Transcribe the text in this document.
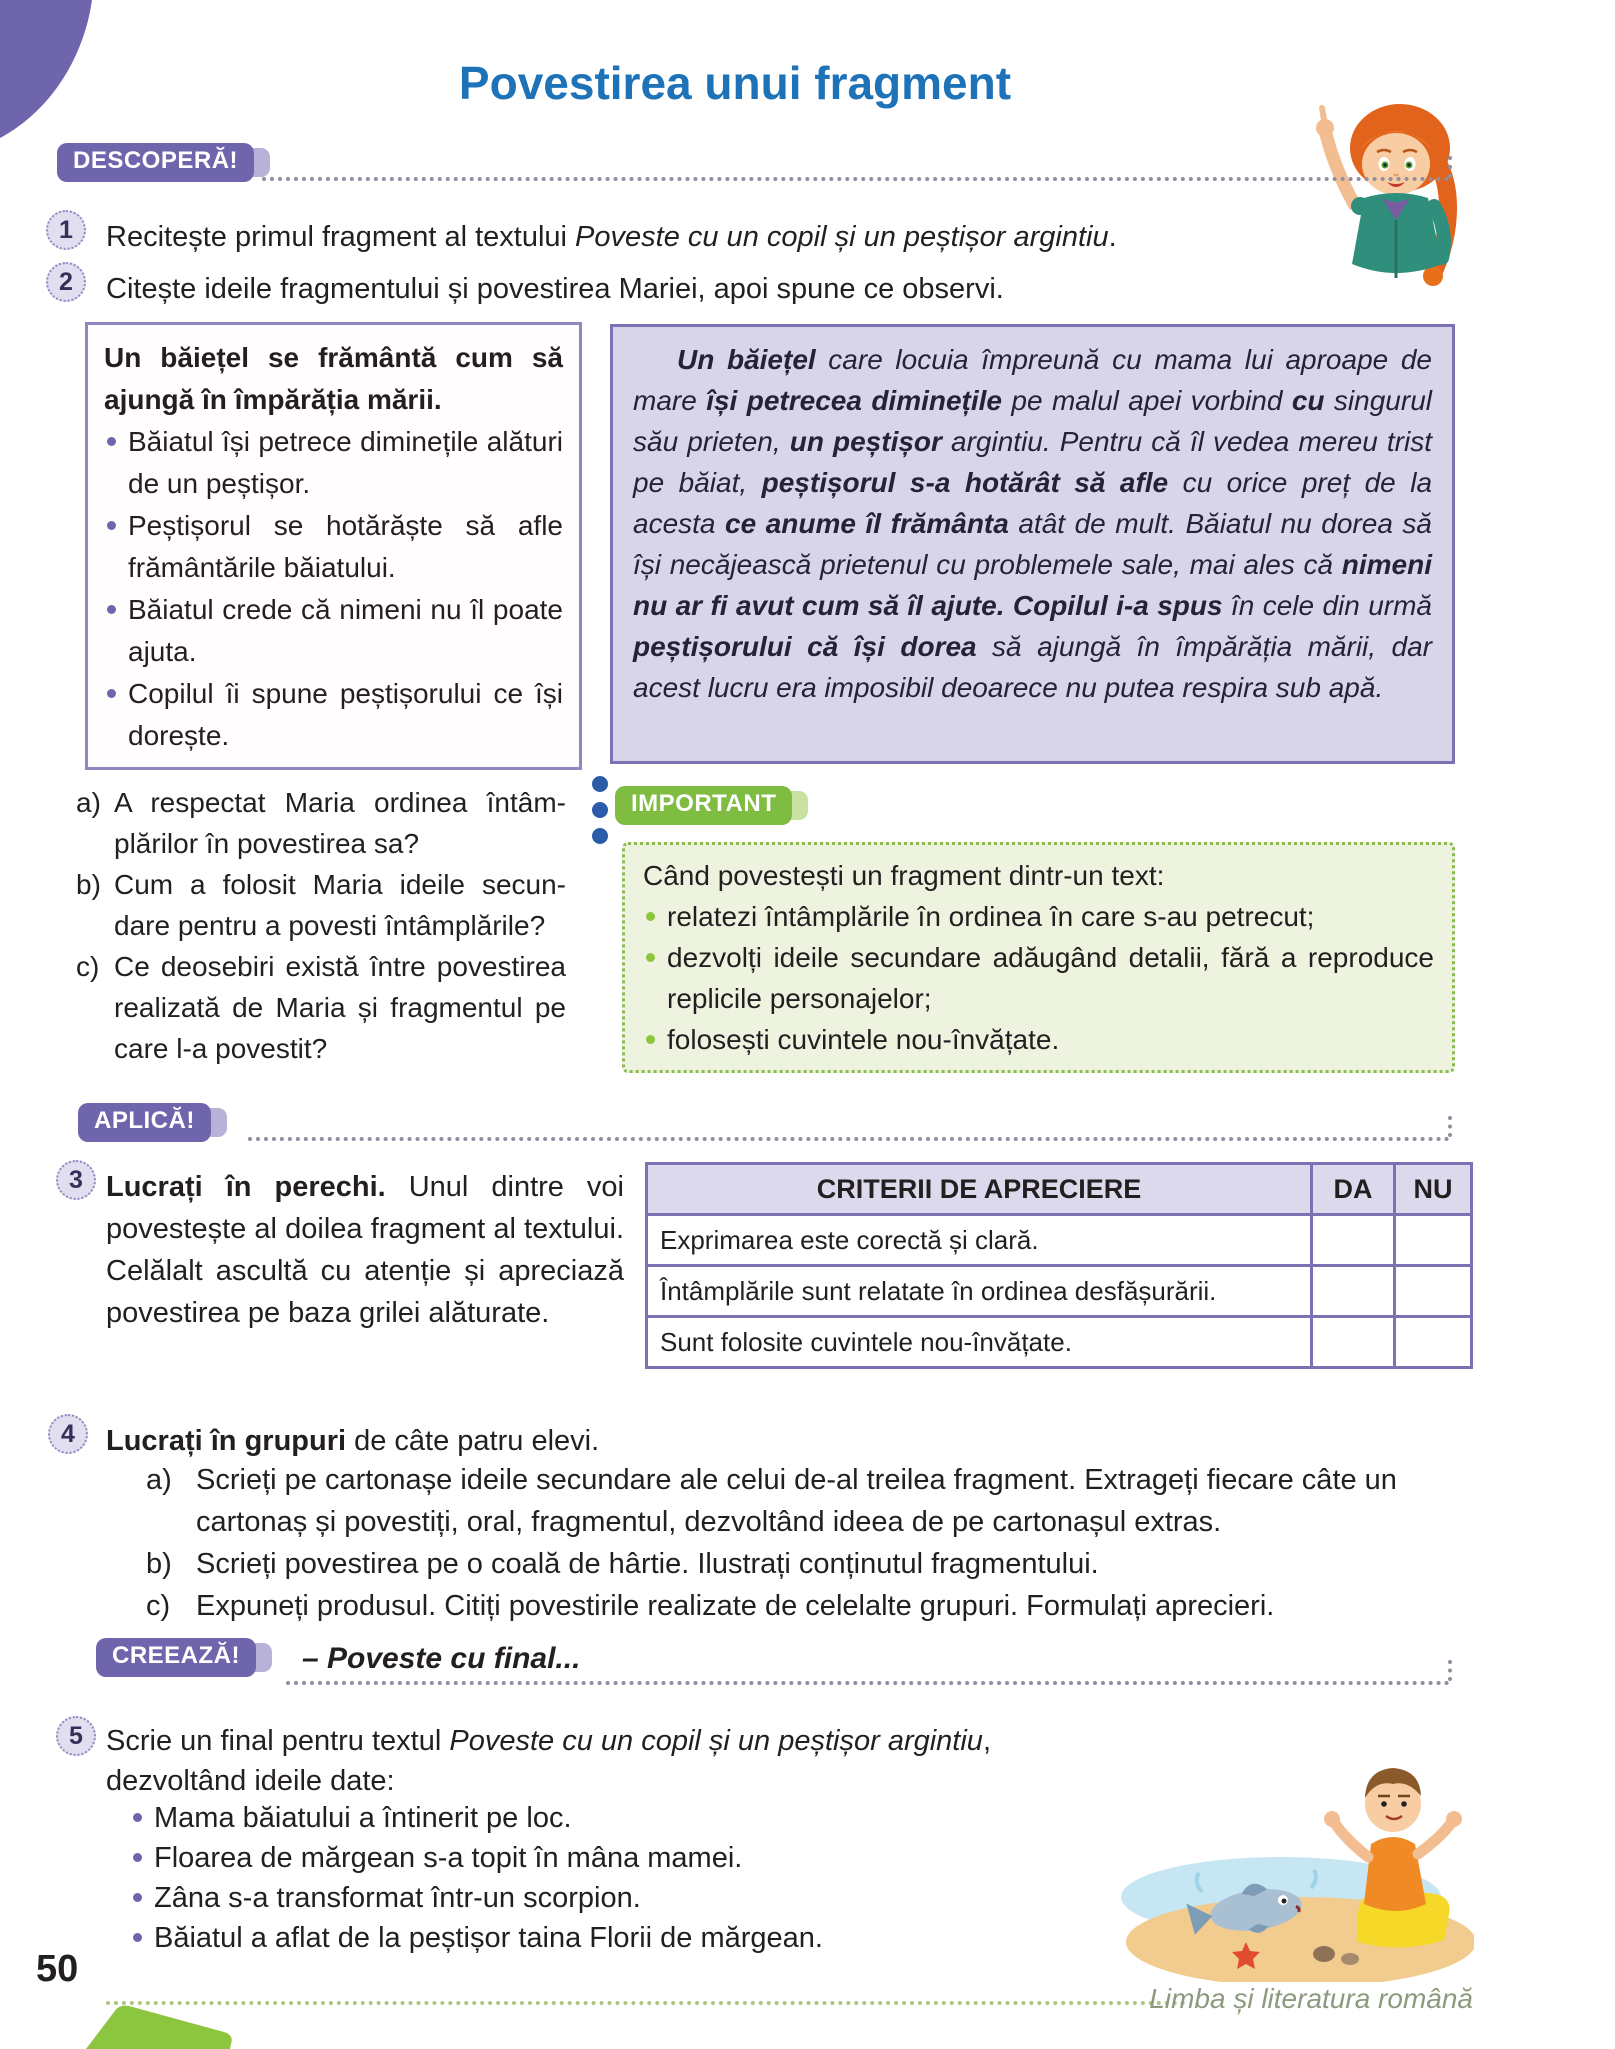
Povestirea unui fragment
DESCOPERĂ!
1	Recitește primul fragment al textului Poveste cu un copil și un peștișor argintiu.

2	Citește ideile fragmentului și povestirea Mariei, apoi spune ce observi.

Un băiețel se frământă cum să ajungă în împărăția mării.

Băiatul își petrece diminețile alături de un peștișor.
Peștișorul se hotărăște să afle frământările băiatului.
Băiatul crede că nimeni nu îl poate ajuta.
Copilul îi spune peștișorului ce își dorește.

Un băiețel care locuia împreună cu mama lui aproape de mare își petrecea diminețile pe malul apei vorbind cu singurul său prieten, un peștișor argintiu. Pentru că îl vedea mereu trist pe băiat, peștișorul s-a hotărât să afle cu orice preț de la acesta ce anume îl frământa atât de mult. Băiatul nu dorea să își necăjească prietenul cu problemele sale, mai ales că nimeni nu ar fi avut cum să îl ajute. Copilul i-a spus în cele din urmă peștișorului că își dorea să ajungă în împărăția mării, dar acest lucru era imposibil deoarece nu putea respira sub apă.

a) A respectat Maria ordinea întâmplărilor în povestirea sa?
b) Cum a folosit Maria ideile secundare pentru a povesti întâmplările?
c) Ce deosebiri există între povestirea realizată de Maria și fragmentul pe care l-a povestit?
IMPORTANT

Când povestești un fragment dintr-un text:

relatezi întâmplările în ordinea în care s-au petrecut;
dezvolți ideile secundare adăugând detalii, fără a reproduce replicile personajelor;
folosești cuvintele nou-învățate.
APLICĂ!
3 Lucrați în perechi. Unul dintre voi povestește al doilea fragment al textului. Celălalt ascultă cu atenție și apreciază povestirea pe baza grilei alăturate.

CRITERII DE APRECIERE	DA	NU
Exprimarea este corectă și clară.		
Întâmplările sunt relatate în ordinea desfășurării.		
Sunt folosite cuvintele nou-învățate.		
4	Lucrați în grupuri de câte patru elevi.

a) Scrieți pe cartonașe ideile secundare ale celui de-al treilea fragment. Extrageți fiecare câte un cartonaș și povestiți, oral, fragmentul, dezvoltând ideea de pe cartonașul extras.
b) Scrieți povestirea pe o coală de hârtie. Ilustrați conținutul fragmentului.
c) Expuneți produsul. Citiți povestirile realizate de celelalte grupuri. Formulați aprecieri.
CREEAZĂ!	– Poveste cu final...

5 Scrie un final pentru textul Poveste cu un copil și un peștișor argintiu, dezvoltând ideile date:

Mama băiatului a întinerit pe loc.
Floarea de mărgean s-a topit în mâna mamei.
Zâna s-a transformat într-un scorpion.
Băiatul a aflat de la peștișor taina Florii de mărgean.

50

Limba și literatura română
